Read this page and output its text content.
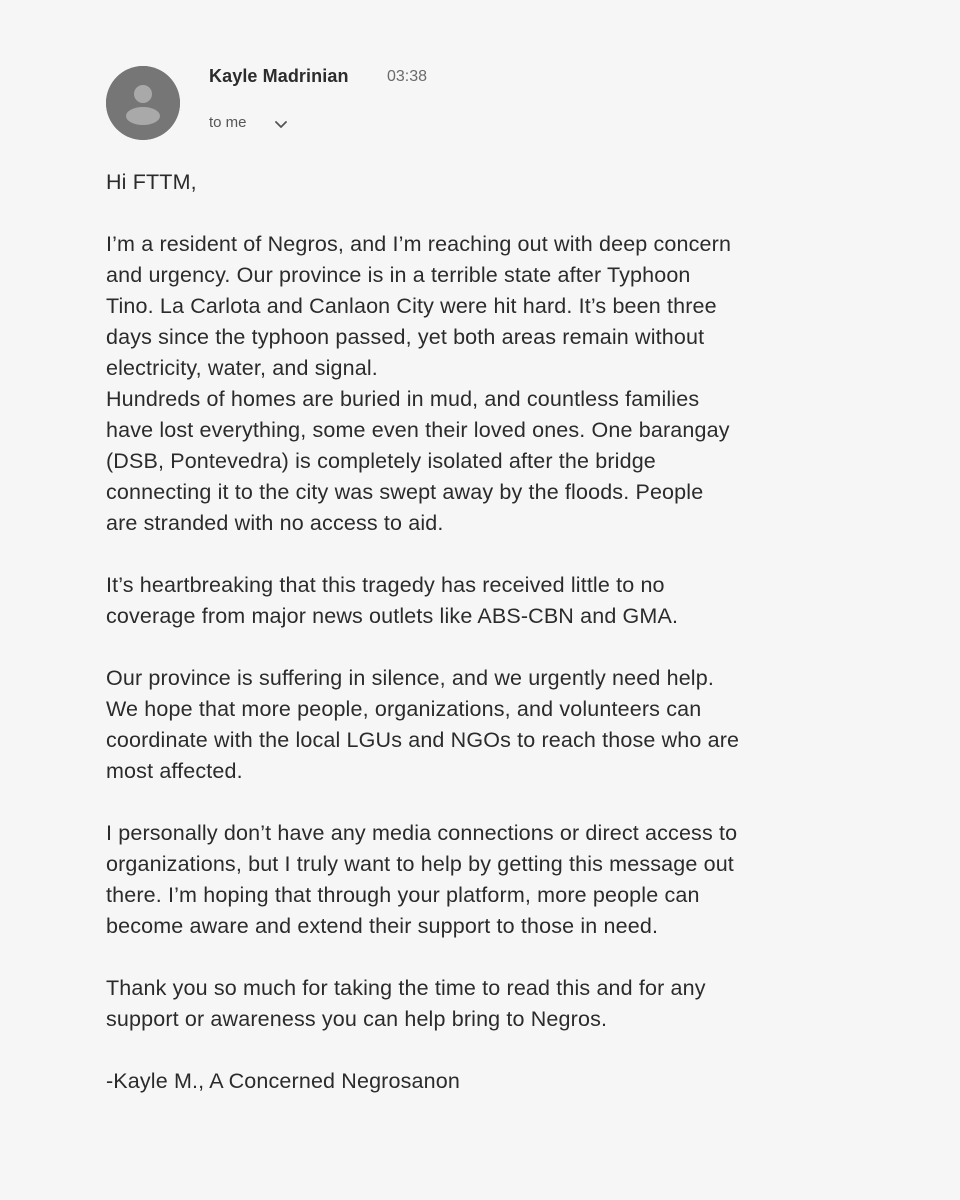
Kayle Madrinian 03:38
to me

Hi FTTM,

I’m a resident of Negros, and I’m reaching out with deep concern
and urgency. Our province is in a terrible state after Typhoon
Tino. La Carlota and Canlaon City were hit hard. It’s been three
days since the typhoon passed, yet both areas remain without
electricity, water, and signal.

Hundreds of homes are buried in mud, and countless families
have lost everything, some even their loved ones. One barangay
(DSB, Pontevedra) is completely isolated after the bridge
connecting it to the city was swept away by the floods. People
are stranded with no access to aid.

It’s heartbreaking that this tragedy has received little to no
coverage from major news outlets like ABS-CBN and GMA.

Our province is suffering in silence, and we urgently need help.
We hope that more people, organizations, and volunteers can
coordinate with the local LGUs and NGOs to reach those who are
most affected.

I personally don’t have any media connections or direct access to
organizations, but I truly want to help by getting this message out
there. I’m hoping that through your platform, more people can
become aware and extend their support to those in need.

Thank you so much for taking the time to read this and for any
support or awareness you can help bring to Negros.

-Kayle M., A Concerned Negrosanon
